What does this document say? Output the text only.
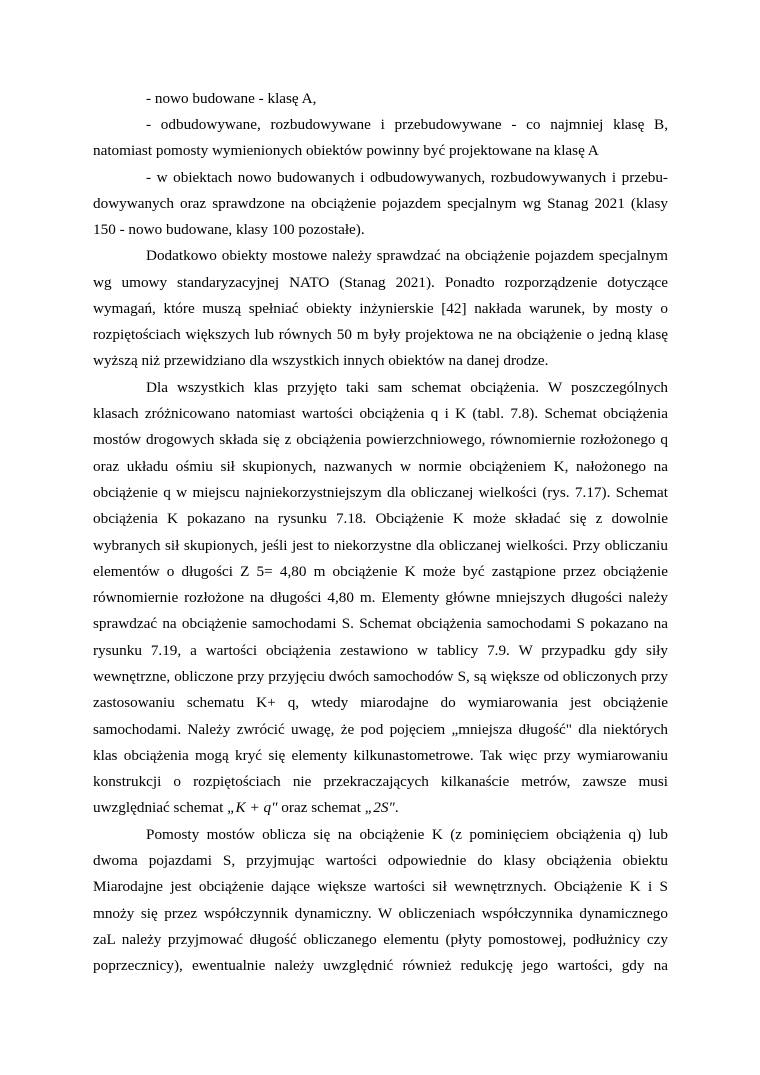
- nowo budowane - klasę A,
- odbudowywane, rozbudowywane i przebudowywane - co najmniej klasę B,
natomiast pomosty wymienionych obiektów powinny być projektowane na klasę A
- w obiektach nowo budowanych i odbudowywanych, rozbudowywanych i przebu-
dowywanych oraz sprawdzone na obciążenie pojazdem specjalnym wg Stanag 2021 (klasy
150 - nowo budowane, klasy 100 pozostałe).
Dodatkowo obiekty mostowe należy sprawdzać na obciążenie pojazdem specjalnym
wg umowy standaryzacyjnej NATO (Stanag 2021). Ponadto rozporządzenie dotyczące
wymagań, które muszą spełniać obiekty inżynierskie [42] nakłada warunek, by mosty o
rozpiętościach większych lub równych 50 m były projektowa ne na obciążenie o jedną klasę
wyższą niż przewidziano dla wszystkich innych obiektów na danej drodze.
Dla wszystkich klas przyjęto taki sam schemat obciążenia. W poszczególnych
klasach zróżnicowano natomiast wartości obciążenia q i K (tabl. 7.8). Schemat obciążenia
mostów drogowych składa się z obciążenia powierzchniowego, równomiernie rozłożonego q
oraz układu ośmiu sił skupionych, nazwanych w normie obciążeniem K, nałożonego na
obciążenie q w miejscu najniekorzystniejszym dla obliczanej wielkości (rys. 7.17). Schemat
obciążenia K pokazano na rysunku 7.18. Obciążenie K może składać się z dowolnie
wybranych sił skupionych, jeśli jest to niekorzystne dla obliczanej wielkości. Przy obliczaniu
elementów o długości Z 5= 4,80 m obciążenie K może być zastąpione przez obciążenie
równomiernie rozłożone na długości 4,80 m. Elementy główne mniejszych długości należy
sprawdzać na obciążenie samochodami S. Schemat obciążenia samochodami S pokazano na
rysunku 7.19, a wartości obciążenia zestawiono w tablicy 7.9. W przypadku gdy siły
wewnętrzne, obliczone przy przyjęciu dwóch samochodów S, są większe od obliczonych przy
zastosowaniu schematu K+ q, wtedy miarodajne do wymiarowania jest obciążenie
samochodami. Należy zwrócić uwagę, że pod pojęciem „mniejsza długość" dla niektórych
klas obciążenia mogą kryć się elementy kilkunastometrowe. Tak więc przy wymiarowaniu
konstrukcji o rozpiętościach nie przekraczających kilkanaście metrów, zawsze musi
uwzględniać schemat „K + q" oraz schemat „2S".
Pomosty mostów oblicza się na obciążenie K (z pominięciem obciążenia q) lub
dwoma pojazdami S, przyjmując wartości odpowiednie do klasy obciążenia obiektu
Miarodajne jest obciążenie dające większe wartości sił wewnętrznych. Obciążenie K i S
mnoży się przez współczynnik dynamiczny. W obliczeniach współczynnika dynamicznego
zaL należy przyjmować długość obliczanego elementu (płyty pomostowej, podłużnicy czy
poprzecznicy), ewentualnie należy uwzględnić również redukcję jego wartości, gdy na
